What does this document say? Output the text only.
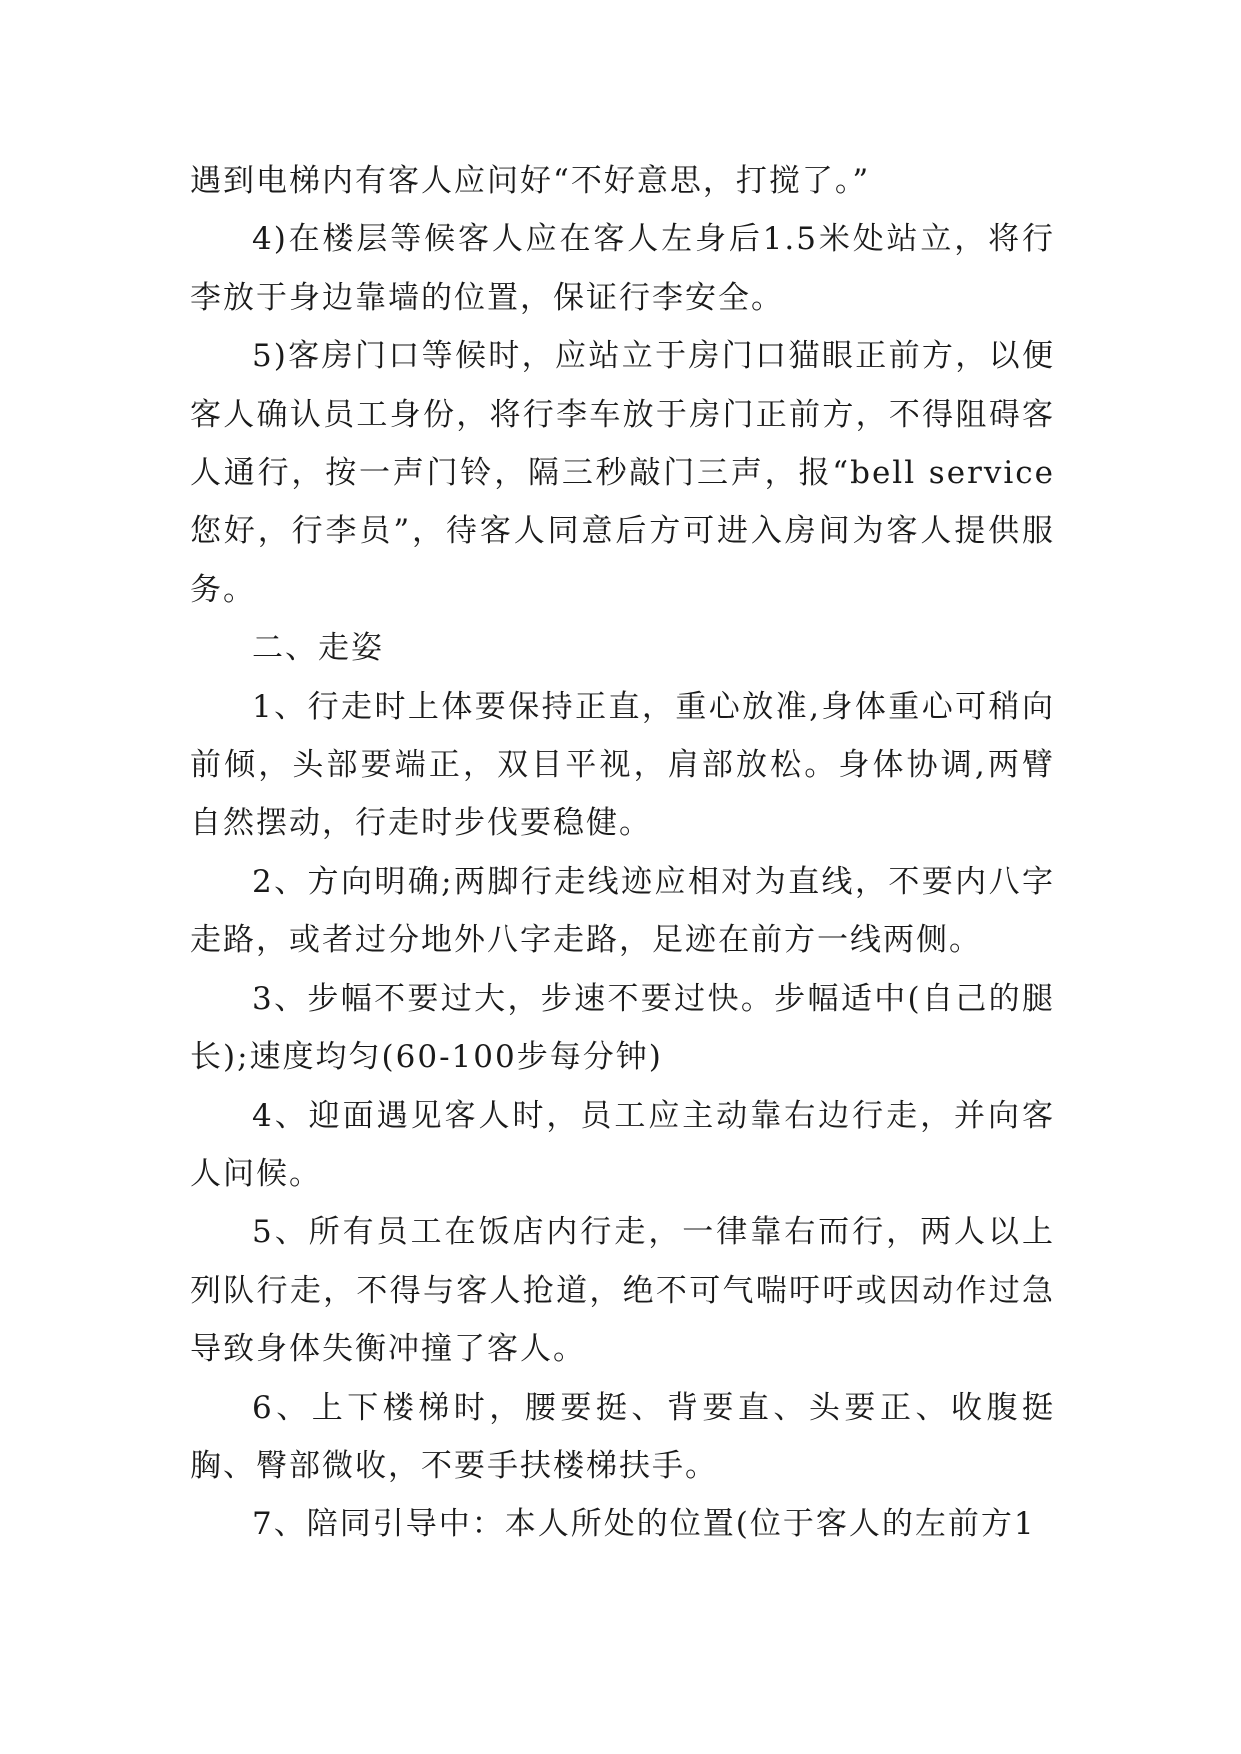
遇到电梯内有客人应问好“不好意思，打搅了。”

4)在楼层等候客人应在客人左身后1.5米处站立，将行李放于身边靠墙的位置，保证行李安全。

5)客房门口等候时，应站立于房门口猫眼正前方，以便客人确认员工身份，将行李车放于房门正前方，不得阻碍客人通行，按一声门铃，隔三秒敲门三声，报“bell service您好，行李员”，待客人同意后方可进入房间为客人提供服务。

二、走姿

1、行走时上体要保持正直，重心放准,身体重心可稍向前倾，头部要端正，双目平视，肩部放松。身体协调,两臂自然摆动，行走时步伐要稳健。

2、方向明确;两脚行走线迹应相对为直线，不要内八字走路，或者过分地外八字走路，足迹在前方一线两侧。

3、步幅不要过大，步速不要过快。步幅适中(自己的腿长);速度均匀(60-100步每分钟)

4、迎面遇见客人时，员工应主动靠右边行走，并向客人问候。

5、所有员工在饭店内行走，一律靠右而行，两人以上列队行走，不得与客人抢道，绝不可气喘吁吁或因动作过急导致身体失衡冲撞了客人。

6、上下楼梯时，腰要挺、背要直、头要正、收腹挺胸、臀部微收，不要手扶楼梯扶手。

7、陪同引导中：本人所处的位置(位于客人的左前方1
